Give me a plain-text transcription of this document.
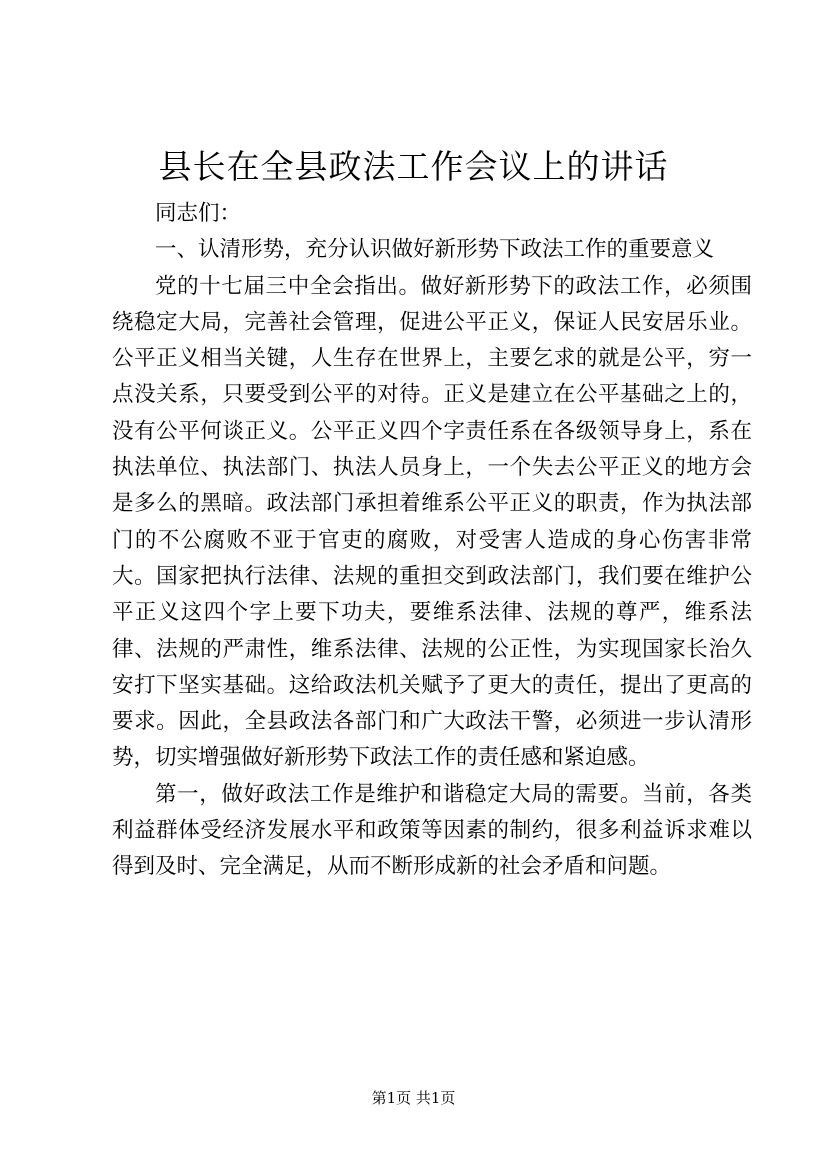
县长在全县政法工作会议上的讲话

同志们：

一、认清形势，充分认识做好新形势下政法工作的重要意义

党的十七届三中全会指出。做好新形势下的政法工作，必须围绕稳定大局，完善社会管理，促进公平正义，保证人民安居乐业。公平正义相当关键，人生存在世界上，主要乞求的就是公平，穷一点没关系，只要受到公平的对待。正义是建立在公平基础之上的，没有公平何谈正义。公平正义四个字责任系在各级领导身上，系在执法单位、执法部门、执法人员身上，一个失去公平正义的地方会是多么的黑暗。政法部门承担着维系公平正义的职责，作为执法部门的不公腐败不亚于官吏的腐败，对受害人造成的身心伤害非常大。国家把执行法律、法规的重担交到政法部门，我们要在维护公平正义这四个字上要下功夫，要维系法律、法规的尊严，维系法律、法规的严肃性，维系法律、法规的公正性，为实现国家长治久安打下坚实基础。这给政法机关赋予了更大的责任，提出了更高的要求。因此，全县政法各部门和广大政法干警，必须进一步认清形势，切实增强做好新形势下政法工作的责任感和紧迫感。

第一，做好政法工作是维护和谐稳定大局的需要。当前，各类利益群体受经济发展水平和政策等因素的制约，很多利益诉求难以得到及时、完全满足，从而不断形成新的社会矛盾和问题。

第1页 共1页
